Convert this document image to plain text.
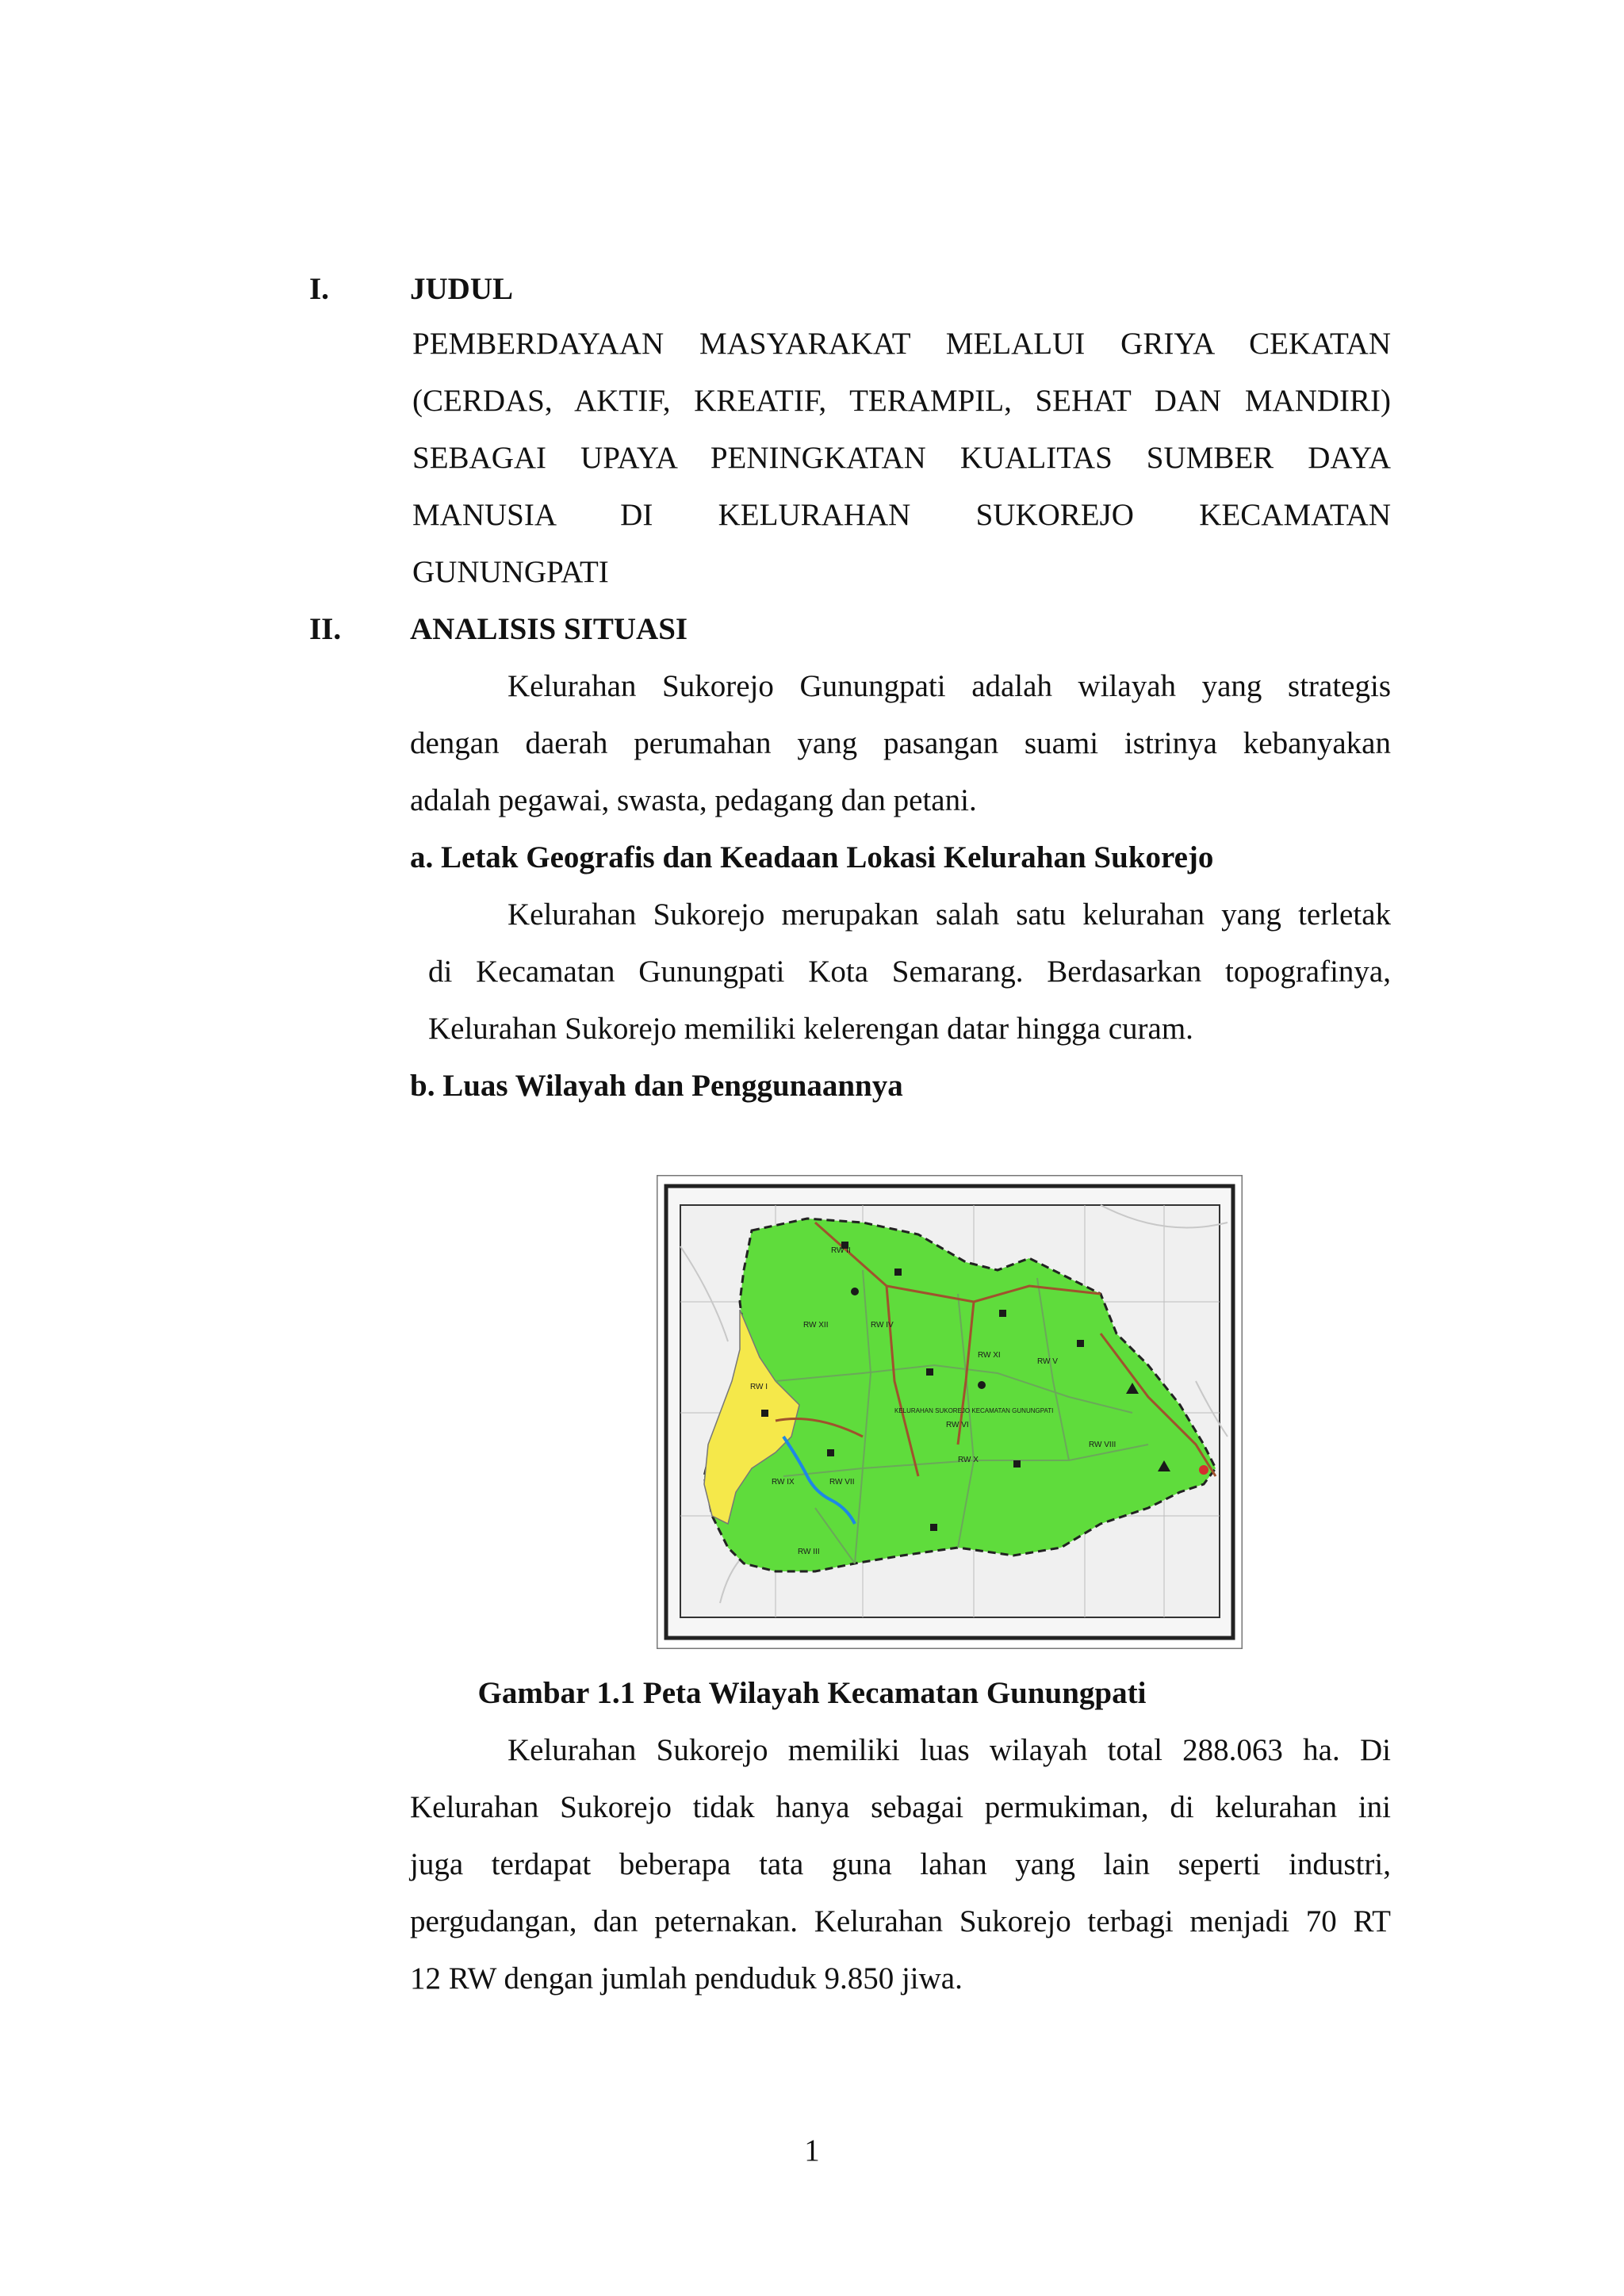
I.	JUDUL
PEMBERDAYAAN MASYARAKAT MELALUI GRIYA CEKATAN
(CERDAS, AKTIF, KREATIF, TERAMPIL, SEHAT DAN MANDIRI)
SEBAGAI UPAYA PENINGKATAN KUALITAS SUMBER DAYA
MANUSIA DI KELURAHAN SUKOREJO KECAMATAN
GUNUNGPATI
II. ANALISIS SITUASI
Kelurahan Sukorejo Gunungpati adalah wilayah yang strategis
dengan daerah perumahan yang pasangan suami istrinya kebanyakan
adalah pegawai, swasta, pedagang dan petani.
a. Letak Geografis dan Keadaan Lokasi Kelurahan Sukorejo
Kelurahan Sukorejo merupakan salah satu kelurahan yang terletak
di Kecamatan Gunungpati Kota Semarang. Berdasarkan topografinya,
Kelurahan Sukorejo memiliki kelerengan datar hingga curam.
b. Luas Wilayah dan Penggunaannya
RW I
RW II
RW III
RW IV
RW V
RW VI
RW VII
RW VIII
RW IX
RW X
RW XI
RW XII
KELURAHAN SUKOREJO KECAMATAN GUNUNGPATI
Gambar 1.1 Peta Wilayah Kecamatan Gunungpati
Kelurahan Sukorejo memiliki luas wilayah total 288.063 ha. Di
Kelurahan Sukorejo tidak hanya sebagai permukiman, di kelurahan ini
juga terdapat beberapa tata guna lahan yang lain seperti industri,
pergudangan, dan peternakan. Kelurahan Sukorejo terbagi menjadi 70 RT
12 RW dengan jumlah penduduk 9.850 jiwa.
1
